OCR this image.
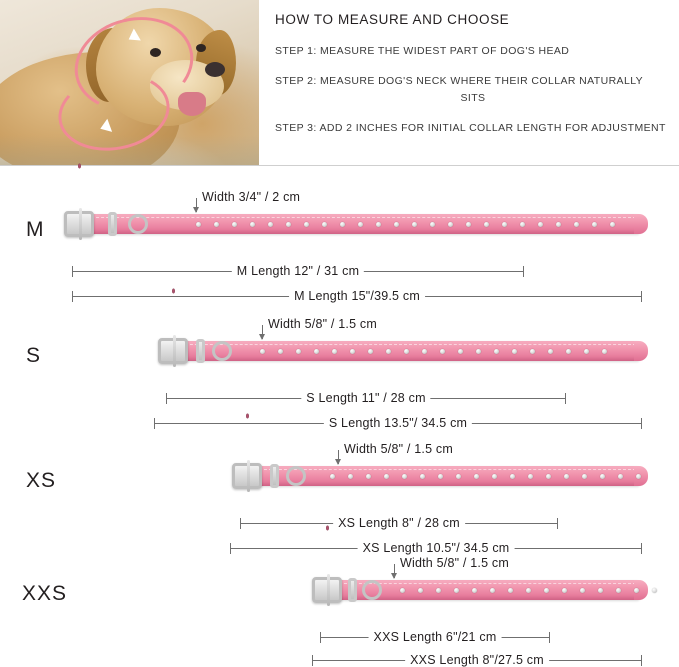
HOW TO MEASURE AND CHOOSE
STEP 1: MEASURE THE WIDEST PART OF DOG'S HEAD
STEP 2: MEASURE DOG'S NECK WHERE THEIR COLLAR NATURALLY
SITS
STEP 3: ADD 2 INCHES FOR INITIAL COLLAR LENGTH FOR ADJUSTMENT
M
Width 3/4" / 2 cm
M Length 12" / 31 cm
M Length 15"/39.5 cm
S
Width 5/8" / 1.5 cm
S Length 11" / 28 cm
S Length 13.5"/ 34.5 cm
XS
Width 5/8" / 1.5 cm
XS Length 8" / 28 cm
XS Length 10.5"/ 34.5 cm
XXS
Width 5/8" / 1.5 cm
XXS Length 6"/21 cm
XXS Length 8"/27.5 cm
